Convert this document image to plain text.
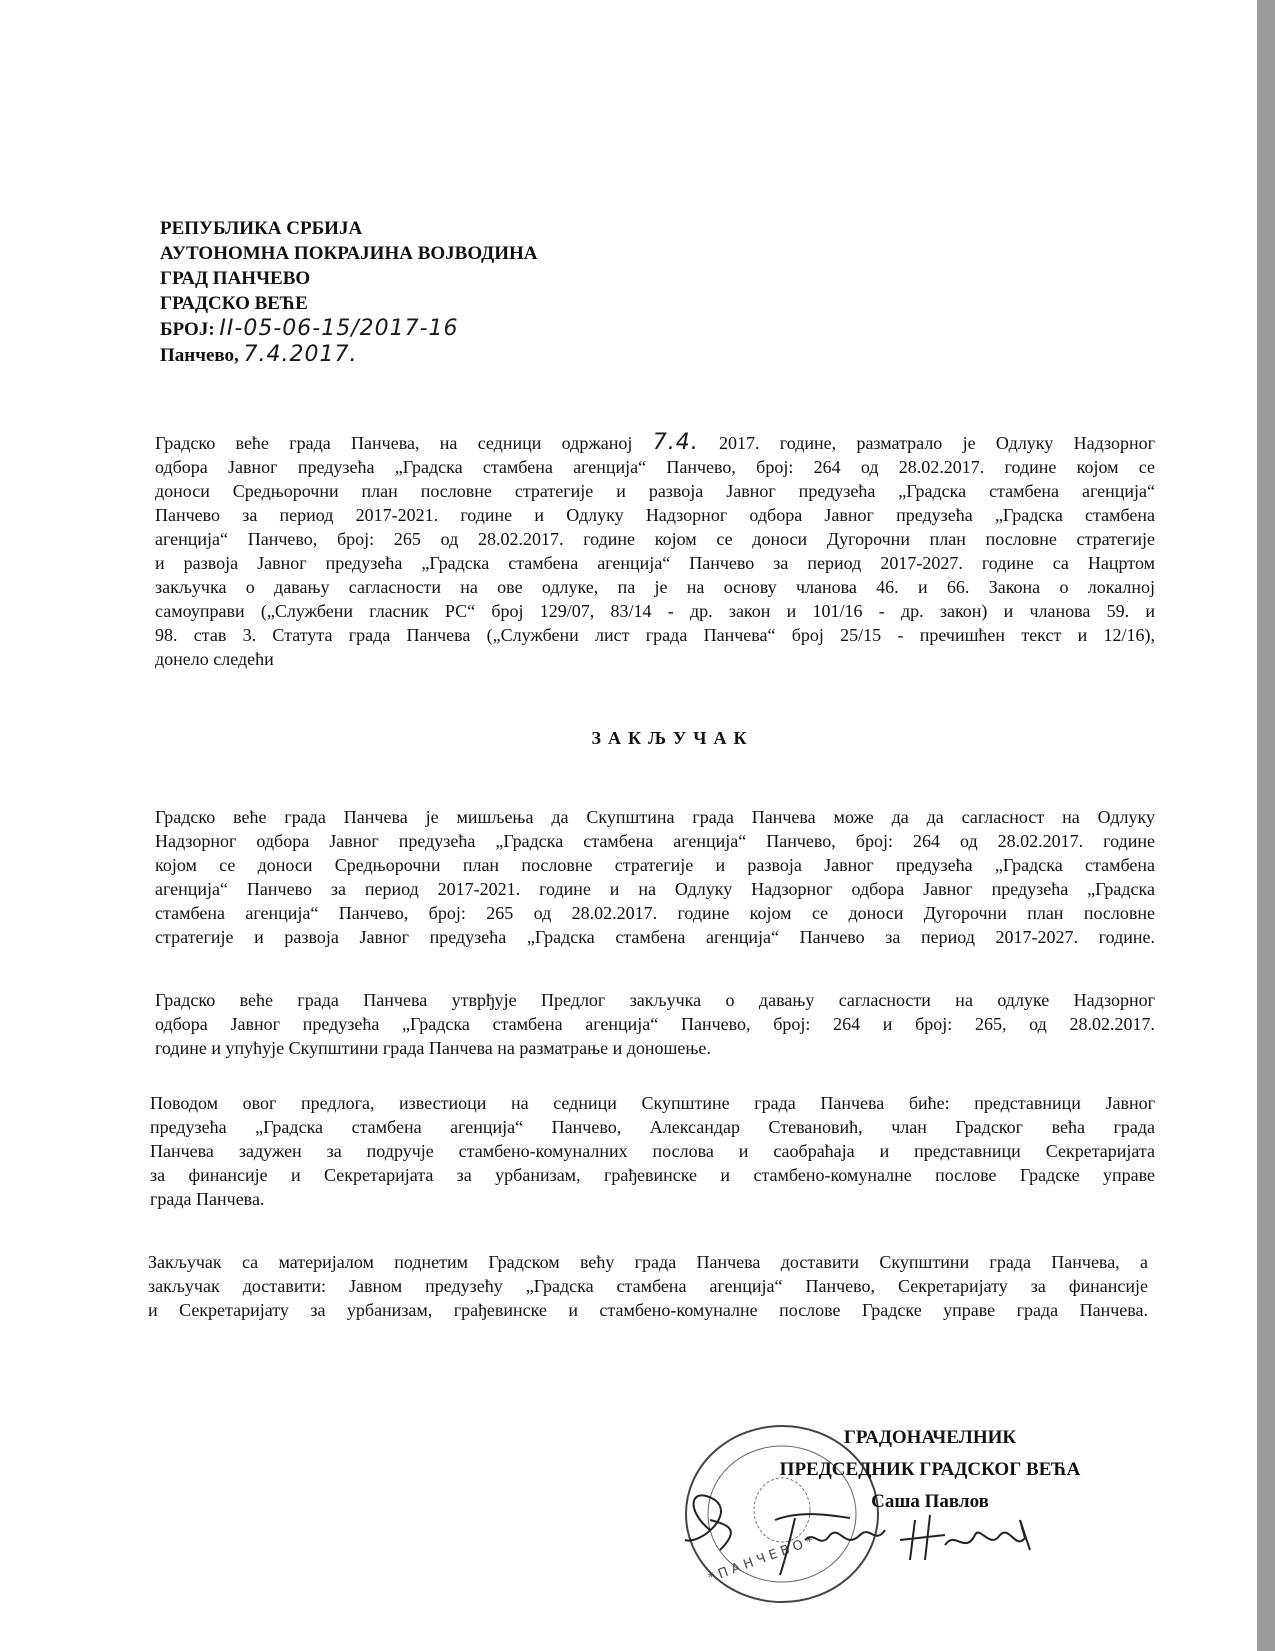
РЕПУБЛИКА СРБИЈА
АУТОНОМНА ПОКРАЈИНА ВОЈВОДИНА
ГРАД ПАНЧЕВО
ГРАДСКО ВЕЋЕ
БРОЈ: II-05-06-15/2017-16
Панчево, 7.4.2017.
Градско веће града Панчева, на седници одржаној 7.4. 2017. године, разматрало је Одлуку Надзорног
одбора Јавног предузећа „Градска стамбена агенција“ Панчево, број: 264 од 28.02.2017. године којом се
доноси Средњорочни план пословне стратегије и развоја Јавног предузећа „Градска стамбена агенција“
Панчево за период 2017-2021. године и Одлуку Надзорног одбора Јавног предузећа „Градска стамбена
агенција“ Панчево, број: 265 од 28.02.2017. године којом се доноси Дугорочни план пословне стратегије
и развоја Јавног предузећа „Градска стамбена агенција“ Панчево за период 2017-2027. године са Нацртом
закључка о давању сагласности на ове одлуке, па је на основу чланова 46. и 66. Закона о локалној
самоуправи („Службени гласник РС“ број 129/07, 83/14 - др. закон и 101/16 - др. закон) и чланова 59. и
98. став 3. Статута града Панчева („Службени лист града Панчева“ број 25/15 - пречишћен текст и 12/16),
донело следећи
ЗАКЉУЧАК
Градско веће града Панчева је мишљења да Скупштина града Панчева може да да сагласност на Одлуку
Надзорног одбора Јавног предузећа „Градска стамбена агенција“ Панчево, број: 264 од 28.02.2017. године
којом се доноси Средњорочни план пословне стратегије и развоја Јавног предузећа „Градска стамбена
агенција“ Панчево за период 2017-2021. године и на Одлуку Надзорног одбора Јавног предузећа „Градска
стамбена агенција“ Панчево, број: 265 од 28.02.2017. године којом се доноси Дугорочни план пословне
стратегије и развоја Јавног предузећа „Градска стамбена агенција“ Панчево за период 2017-2027. године.
Градско веће града Панчева утврђује Предлог закључка о давању сагласности на одлуке Надзорног
одбора Јавног предузећа „Градска стамбена агенција“ Панчево, број: 264 и број: 265, од 28.02.2017.
године и упућује Скупштини града Панчева на разматрање и доношење.
Поводом овог предлога, известиоци на седници Скупштине града Панчева биће: представници Јавног
предузећа „Градска стамбена агенција“ Панчево, Александар Стевановић, члан Градског већа града
Панчева задужен за подручје стамбено-комуналних послова и саобраћаја и представници Секретаријата
за финансије и Секретаријата за урбанизам, грађевинске и стамбено-комуналне послове Градске управе
града Панчева.
Закључак са материјалом поднетим Градском већу града Панчева доставити Скупштини града Панчева, а
закључак доставити: Јавном предузећу „Градска стамбена агенција“ Панчево, Секретаријату за финансије
и Секретаријату за урбанизам, грађевинске и стамбено-комуналне послове Градске управе града Панчева.
* П А Н Ч Е В О *
ГРАДОНАЧЕЛНИК
ПРЕДСЕДНИК ГРАДСКОГ ВЕЋА
Саша Павлов
